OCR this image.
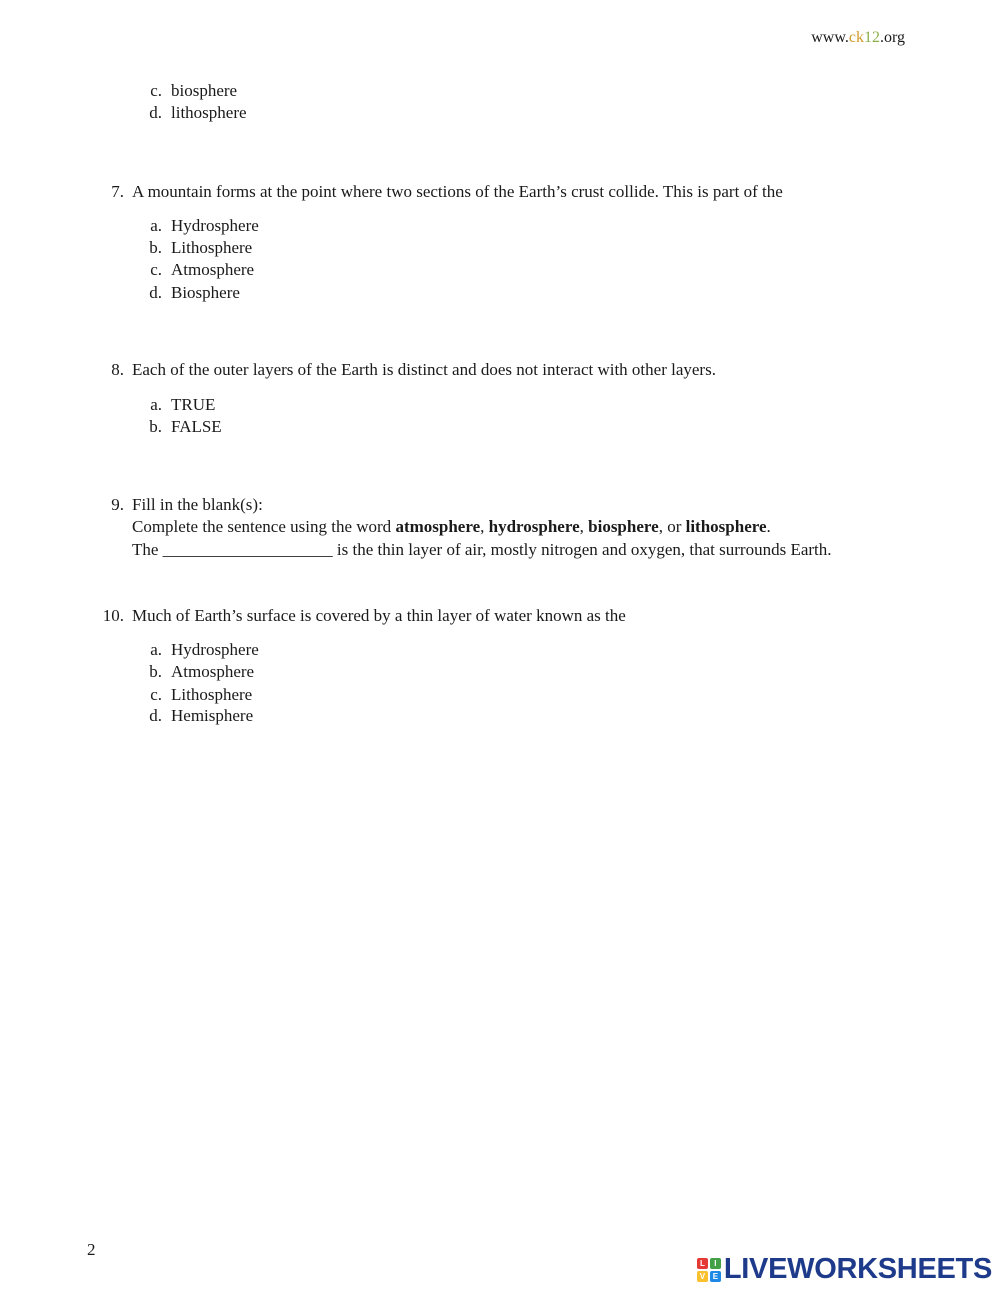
www.ck12.org
c. biosphere
d. lithosphere
7. A mountain forms at the point where two sections of the Earth’s crust collide. This is part of the
a. Hydrosphere
b. Lithosphere
c. Atmosphere
d. Biosphere
8. Each of the outer layers of the Earth is distinct and does not interact with other layers.
a. TRUE
b. FALSE
9. Fill in the blank(s):
Complete the sentence using the word atmosphere, hydrosphere, biosphere, or lithosphere.
The ____________________ is the thin layer of air, mostly nitrogen and oxygen, that surrounds Earth.
10. Much of Earth’s surface is covered by a thin layer of water known as the
a. Hydrosphere
b. Atmosphere
c. Lithosphere
d. Hemisphere
2
L	I
V E LIVEWORKSHEETS
